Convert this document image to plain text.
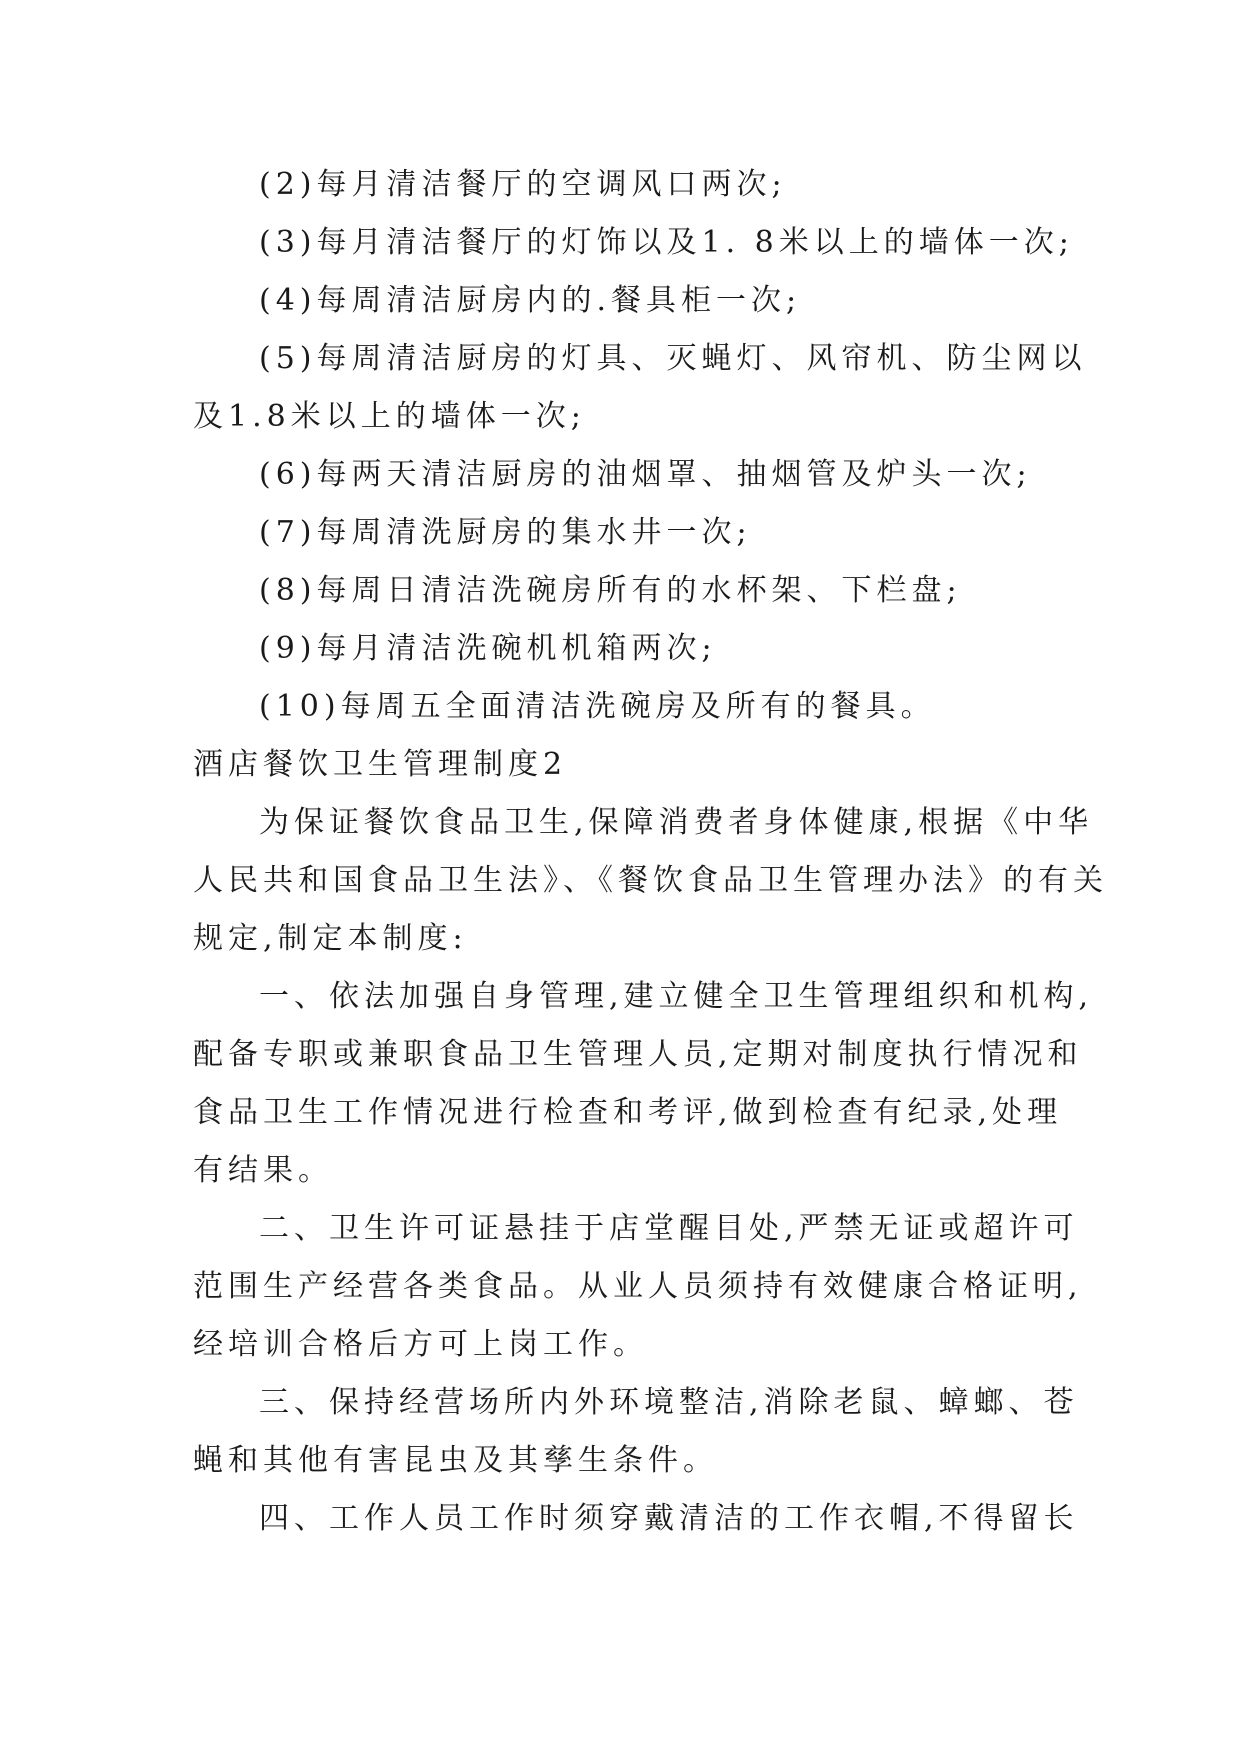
(2)每月清洁餐厅的空调风口两次;
(3)每月清洁餐厅的灯饰以及1. 8米以上的墙体一次;
(4)每周清洁厨房内的.餐具柜一次;
(5)每周清洁厨房的灯具、灭蝇灯、风帘机、防尘网以
及1.8米以上的墙体一次;
(6)每两天清洁厨房的油烟罩、抽烟管及炉头一次;
(7)每周清洗厨房的集水井一次;
(8)每周日清洁洗碗房所有的水杯架、下栏盘;
(9)每月清洁洗碗机机箱两次;
(10)每周五全面清洁洗碗房及所有的餐具。
酒店餐饮卫生管理制度2
为保证餐饮食品卫生,保障消费者身体健康,根据《中华
人民共和国食品卫生法》、《餐饮食品卫生管理办法》的有关
规定,制定本制度:
一、依法加强自身管理,建立健全卫生管理组织和机构,
配备专职或兼职食品卫生管理人员,定期对制度执行情况和
食品卫生工作情况进行检查和考评,做到检查有纪录,处理
有结果。
二、卫生许可证悬挂于店堂醒目处,严禁无证或超许可
范围生产经营各类食品。从业人员须持有效健康合格证明,
经培训合格后方可上岗工作。
三、保持经营场所内外环境整洁,消除老鼠、蟑螂、苍
蝇和其他有害昆虫及其孳生条件。
四、工作人员工作时须穿戴清洁的工作衣帽,不得留长
